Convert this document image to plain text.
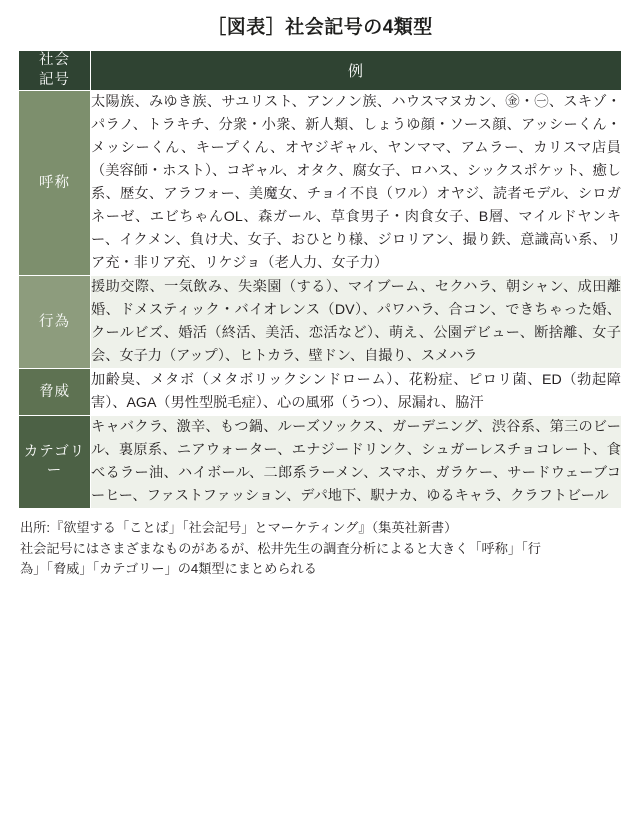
［図表］社会記号の4類型
社会
記号	例
呼称	太陽族、みゆき族、サユリスト、アンノン族、ハウスマヌカン、㊎・㊀、スキゾ・パラノ、トラキチ、分衆・小衆、新人類、しょうゆ顔・ソース顔、アッシーくん・メッシーくん、キープくん、オヤジギャル、ヤンママ、アムラー、カリスマ店員（美容師・ホスト）、コギャル、オタク、腐女子、ロハス、シックスポケット、癒し系、歴女、アラフォー、美魔女、チョイ不良（ワル）オヤジ、読者モデル、シロガネーゼ、エビちゃんOL、森ガール、草食男子・肉食女子、B層、マイルドヤンキー、イクメン、負け犬、女子、おひとり様、ジロリアン、撮り鉄、意識高い系、リア充・非リア充、リケジョ（老人力、女子力）
行為	援助交際、一気飲み、失楽園（する）、マイブーム、セクハラ、朝シャン、成田離婚、ドメスティック・バイオレンス（DV）、パワハラ、合コン、できちゃった婚、クールビズ、婚活（終活、美活、恋活など）、萌え、公園デビュー、断捨離、女子会、女子力（アップ）、ヒトカラ、壁ドン、自撮り、スメハラ
脅威	加齢臭、メタボ（メタボリックシンドローム）、花粉症、ピロリ菌、ED（勃起障害）、AGA（男性型脱毛症）、心の風邪（うつ）、尿漏れ、脇汗
カテゴリー	キャバクラ、激辛、もつ鍋、ルーズソックス、ガーデニング、渋谷系、第三のビール、裏原系、ニアウォーター、エナジードリンク、シュガーレスチョコレート、食べるラー油、ハイボール、二郎系ラーメン、スマホ、ガラケー、サードウェーブコーヒー、ファストファッション、デパ地下、駅ナカ、ゆるキャラ、クラフトビール
出所:『欲望する「ことば」「社会記号」とマーケティング』（集英社新書）
社会記号にはさまざまなものがあるが、松井先生の調査分析によると大きく「呼称」「行
為」「脅威」「カテゴリー」の4類型にまとめられる
